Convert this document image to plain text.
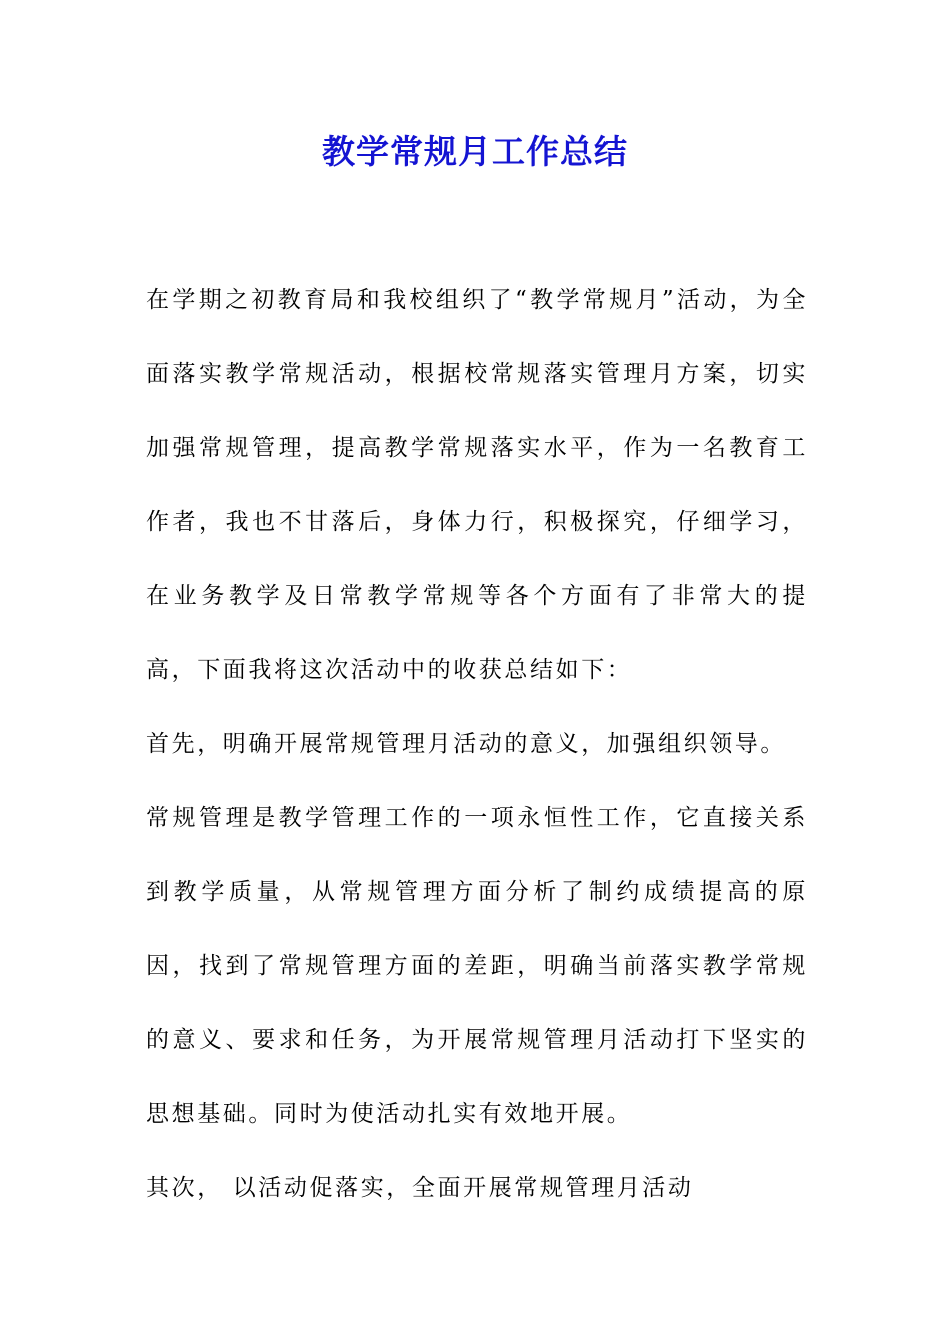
教学常规月工作总结

在学期之初教育局和我校组织了“教学常规月”活动，为全面落实教学常规活动，根据校常规落实管理月方案，切实加强常规管理，提高教学常规落实水平，作为一名教育工作者，我也不甘落后，身体力行，积极探究，仔细学习，在业务教学及日常教学常规等各个方面有了非常大的提高，下面我将这次活动中的收获总结如下：

首先，明确开展常规管理月活动的意义，加强组织领导。

常规管理是教学管理工作的一项永恒性工作，它直接关系到教学质量，从常规管理方面分析了制约成绩提高的原因，找到了常规管理方面的差距，明确当前落实教学常规的意义、要求和任务，为开展常规管理月活动打下坚实的思想基础。同时为使活动扎实有效地开展。

其次， 以活动促落实，全面开展常规管理月活动
